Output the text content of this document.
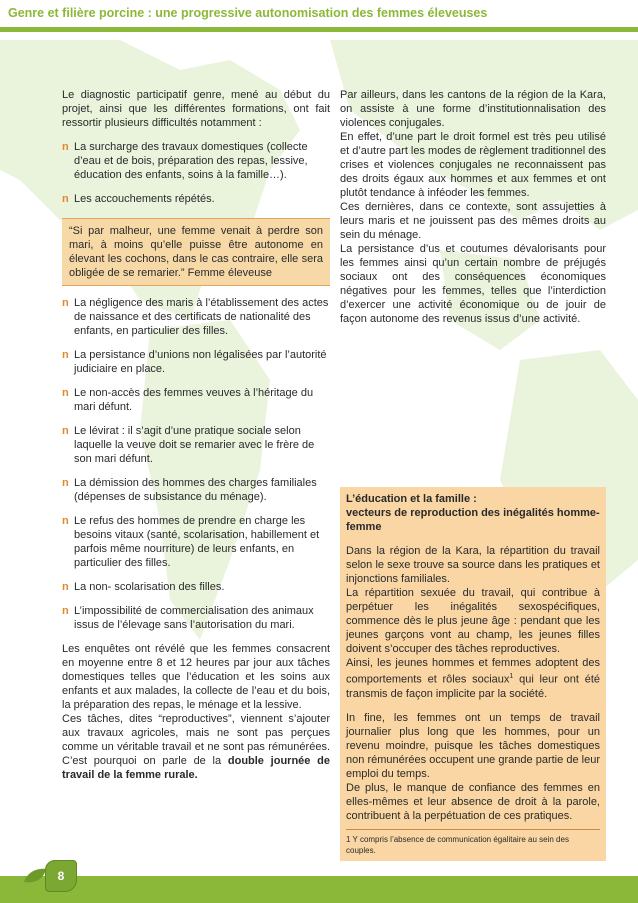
Genre et filière porcine : une progressive autonomisation des femmes éleveuses

Le diagnostic participatif genre, mené au début du projet, ainsi que les différentes formations, ont fait ressortir plusieurs difficultés notamment :

n La surcharge des travaux domestiques (collecte d’eau et de bois, préparation des repas, lessive, éducation des enfants, soins à la famille…).
n Les accouchements répétés.
“Si par malheur, une femme venait à perdre son mari, à moins qu’elle puisse être autonome en élevant les cochons, dans le cas contraire, elle sera obligée de se remarier.” Femme éleveuse
n La négligence des maris à l’établissement des actes de naissance et des certificats de nationalité des enfants, en particulier des filles.
n La persistance d’unions non légalisées par l’autorité judiciaire en place.
n Le non-accès des femmes veuves à l’héritage du mari défunt.
n Le lévirat : il s’agit d’une pratique sociale selon laquelle la veuve doit se remarier avec le frère de son mari défunt.
n La démission des hommes des charges familiales (dépenses de subsistance du ménage).
n Le refus des hommes de prendre en charge les besoins vitaux (santé, scolarisation, habillement et parfois même nourriture) de leurs enfants, en particulier des filles.
n La non- scolarisation des filles.
n L’impossibilité de commercialisation des animaux issus de l’élevage sans l’autorisation du mari.

Les enquêtes ont révélé que les femmes consacrent en moyenne entre 8 et 12 heures par jour aux tâches domestiques telles que l’éducation et les soins aux enfants et aux malades, la collecte de l’eau et du bois, la préparation des repas, le ménage et la lessive.
Ces tâches, dites “reproductives”, viennent s’ajouter aux travaux agricoles, mais ne sont pas perçues comme un véritable travail et ne sont pas rémunérées. C’est pourquoi on parle de la double journée de travail de la femme rurale.

Par ailleurs, dans les cantons de la région de la Kara, on assiste à une forme d’institutionnalisation des violences conjugales.

En effet, d’une part le droit formel est très peu utilisé et d’autre part les modes de règlement traditionnel des crises et violences conjugales ne reconnaissent pas des droits égaux aux hommes et aux femmes et ont plutôt tendance à inféoder les femmes.

Ces dernières, dans ce contexte, sont assujetties à leurs maris et ne jouissent pas des mêmes droits au sein du ménage.

La persistance d’us et coutumes dévalorisants pour les femmes ainsi qu’un certain nombre de préjugés sociaux ont des conséquences économiques négatives pour les femmes, telles que l’interdiction d’exercer une activité économique ou de jouir de façon autonome des revenus issus d’une activité.

L’éducation et la famille :
vecteurs de reproduction des inégalités homme-femme

Dans la région de la Kara, la répartition du travail selon le sexe trouve sa source dans les pratiques et injonctions familiales.
La répartition sexuée du travail, qui contribue à perpétuer les inégalités sexospécifiques, commence dès le plus jeune âge : pendant que les jeunes garçons vont au champ, les jeunes filles doivent s’occuper des tâches reproductives.
Ainsi, les jeunes hommes et femmes adoptent des comportements et rôles sociaux$^1$ qui leur ont été transmis de façon implicite par la société.

In fine, les femmes ont un temps de travail journalier plus long que les hommes, pour un revenu moindre, puisque les tâches domestiques non rémunérées occupent une grande partie de leur emploi du temps.
De plus, le manque de confiance des femmes en elles-mêmes et leur absence de droit à la parole, contribuent à la perpétuation de ces pratiques.

1 Y compris l’absence de communication égalitaire au sein des couples.
8
